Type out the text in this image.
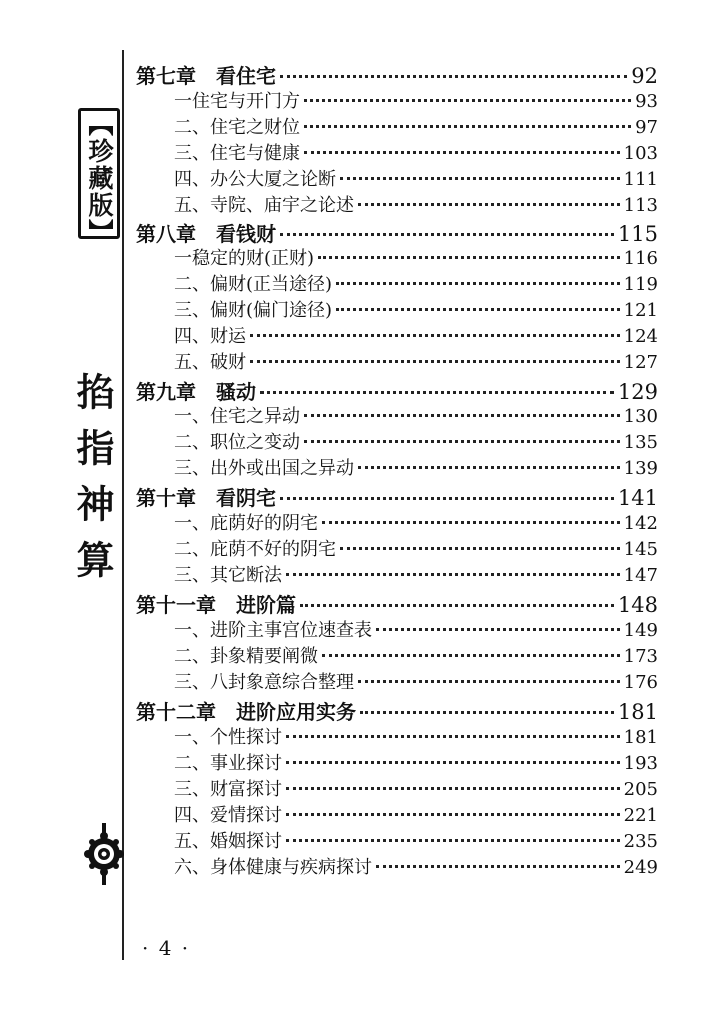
【珍藏版】
掐指神算
第七章　看住宅	92
一住宅与开门方	93
二、住宅之财位	97
三、住宅与健康	103
四、办公大厦之论断	111
五、寺院、庙宇之论述	113
第八章　看钱财	115
一稳定的财(正财)	116
二、偏财(正当途径)	119
三、偏财(偏门途径)	121
四、财运	124
五、破财	127
第九章　骚动	129
一、住宅之异动	130
二、职位之变动	135
三、出外或出国之异动	139
第十章　看阴宅	141
一、庇荫好的阴宅	142
二、庇荫不好的阴宅	145
三、其它断法	147
第十一章　进阶篇	148
一、进阶主事宫位速查表	149
二、卦象精要阐微	173
三、八封象意综合整理	176
第十二章　进阶应用实务	181
一、个性探讨	181
二、事业探讨	193
三、财富探讨	205
四、爱情探讨	221
五、婚姻探讨	235
六、身体健康与疾病探讨	249
· 4 ·
